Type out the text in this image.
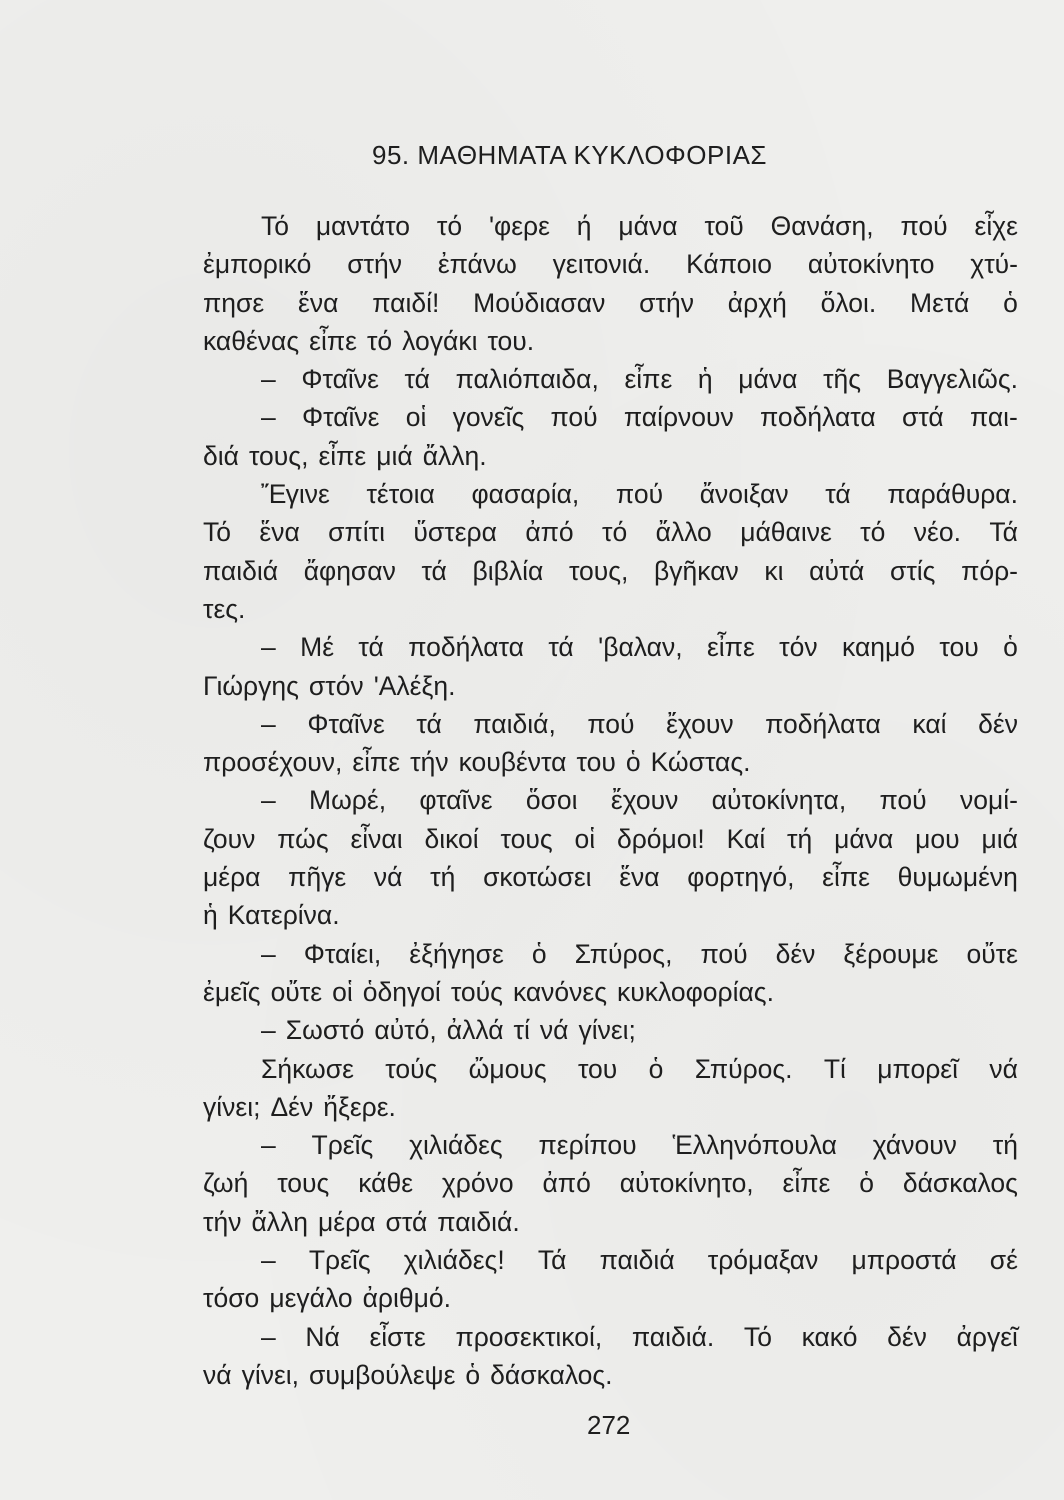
95. ΜΑΘΗΜΑΤΑ ΚΥΚΛΟΦΟΡΙΑΣ
Τό μαντάτο τό 'φερε ή μάνα τοῦ Θανάση, πού εἶχε
ἐμπορικό στήν ἐπάνω γειτονιά. Κάποιο αὐτοκίνητο χτύ-
πησε ἕνα παιδί! Μούδιασαν στήν ἀρχή ὅλοι. Μετά ὁ
καθένας εἶπε τό λογάκι του.
– Φταῖνε τά παλιόπαιδα, εἶπε ἡ μάνα τῆς Βαγγελιῶς.
– Φταῖνε οἱ γονεῖς πού παίρνουν ποδήλατα στά παι-
διά τους, εἶπε μιά ἄλλη.
Ἔγινε τέτοια φασαρία, πού ἄνοιξαν τά παράθυρα.
Τό ἕνα σπίτι ὕστερα ἀπό τό ἄλλο μάθαινε τό νέο. Τά
παιδιά ἄφησαν τά βιβλία τους, βγῆκαν κι αὐτά στίς πόρ-
τες.
– Μέ τά ποδήλατα τά 'βαλαν, εἶπε τόν καημό του ὁ
Γιώργης στόν 'Αλέξη.
– Φταῖνε τά παιδιά, πού ἔχουν ποδήλατα καί δέν
προσέχουν, εἶπε τήν κουβέντα του ὁ Κώστας.
– Μωρέ, φταῖνε ὅσοι ἔχουν αὐτοκίνητα, πού νομί-
ζουν πώς εἶναι δικοί τους οἱ δρόμοι! Καί τή μάνα μου μιά
μέρα πῆγε νά τή σκοτώσει ἕνα φορτηγό, εἶπε θυμωμένη
ἡ Κατερίνα.
– Φταίει, ἐξήγησε ὁ Σπύρος, πού δέν ξέρουμε οὔτε
ἐμεῖς οὔτε οἱ ὁδηγοί τούς κανόνες κυκλοφορίας.
– Σωστό αὐτό, ἀλλά τί νά γίνει;
Σήκωσε τούς ὤμους του ὁ Σπύρος. Τί μπορεῖ νά
γίνει; Δέν ἤξερε.
– Τρεῖς χιλιάδες περίπου Ἑλληνόπουλα χάνουν τή
ζωή τους κάθε χρόνο ἀπό αὐτοκίνητο, εἶπε ὁ δάσκαλος
τήν ἄλλη μέρα στά παιδιά.
– Τρεῖς χιλιάδες! Τά παιδιά τρόμαξαν μπροστά σέ
τόσο μεγάλο ἀριθμό.
– Νά εἶστε προσεκτικοί, παιδιά. Τό κακό δέν ἀργεῖ
νά γίνει, συμβούλεψε ὁ δάσκαλος.

272
